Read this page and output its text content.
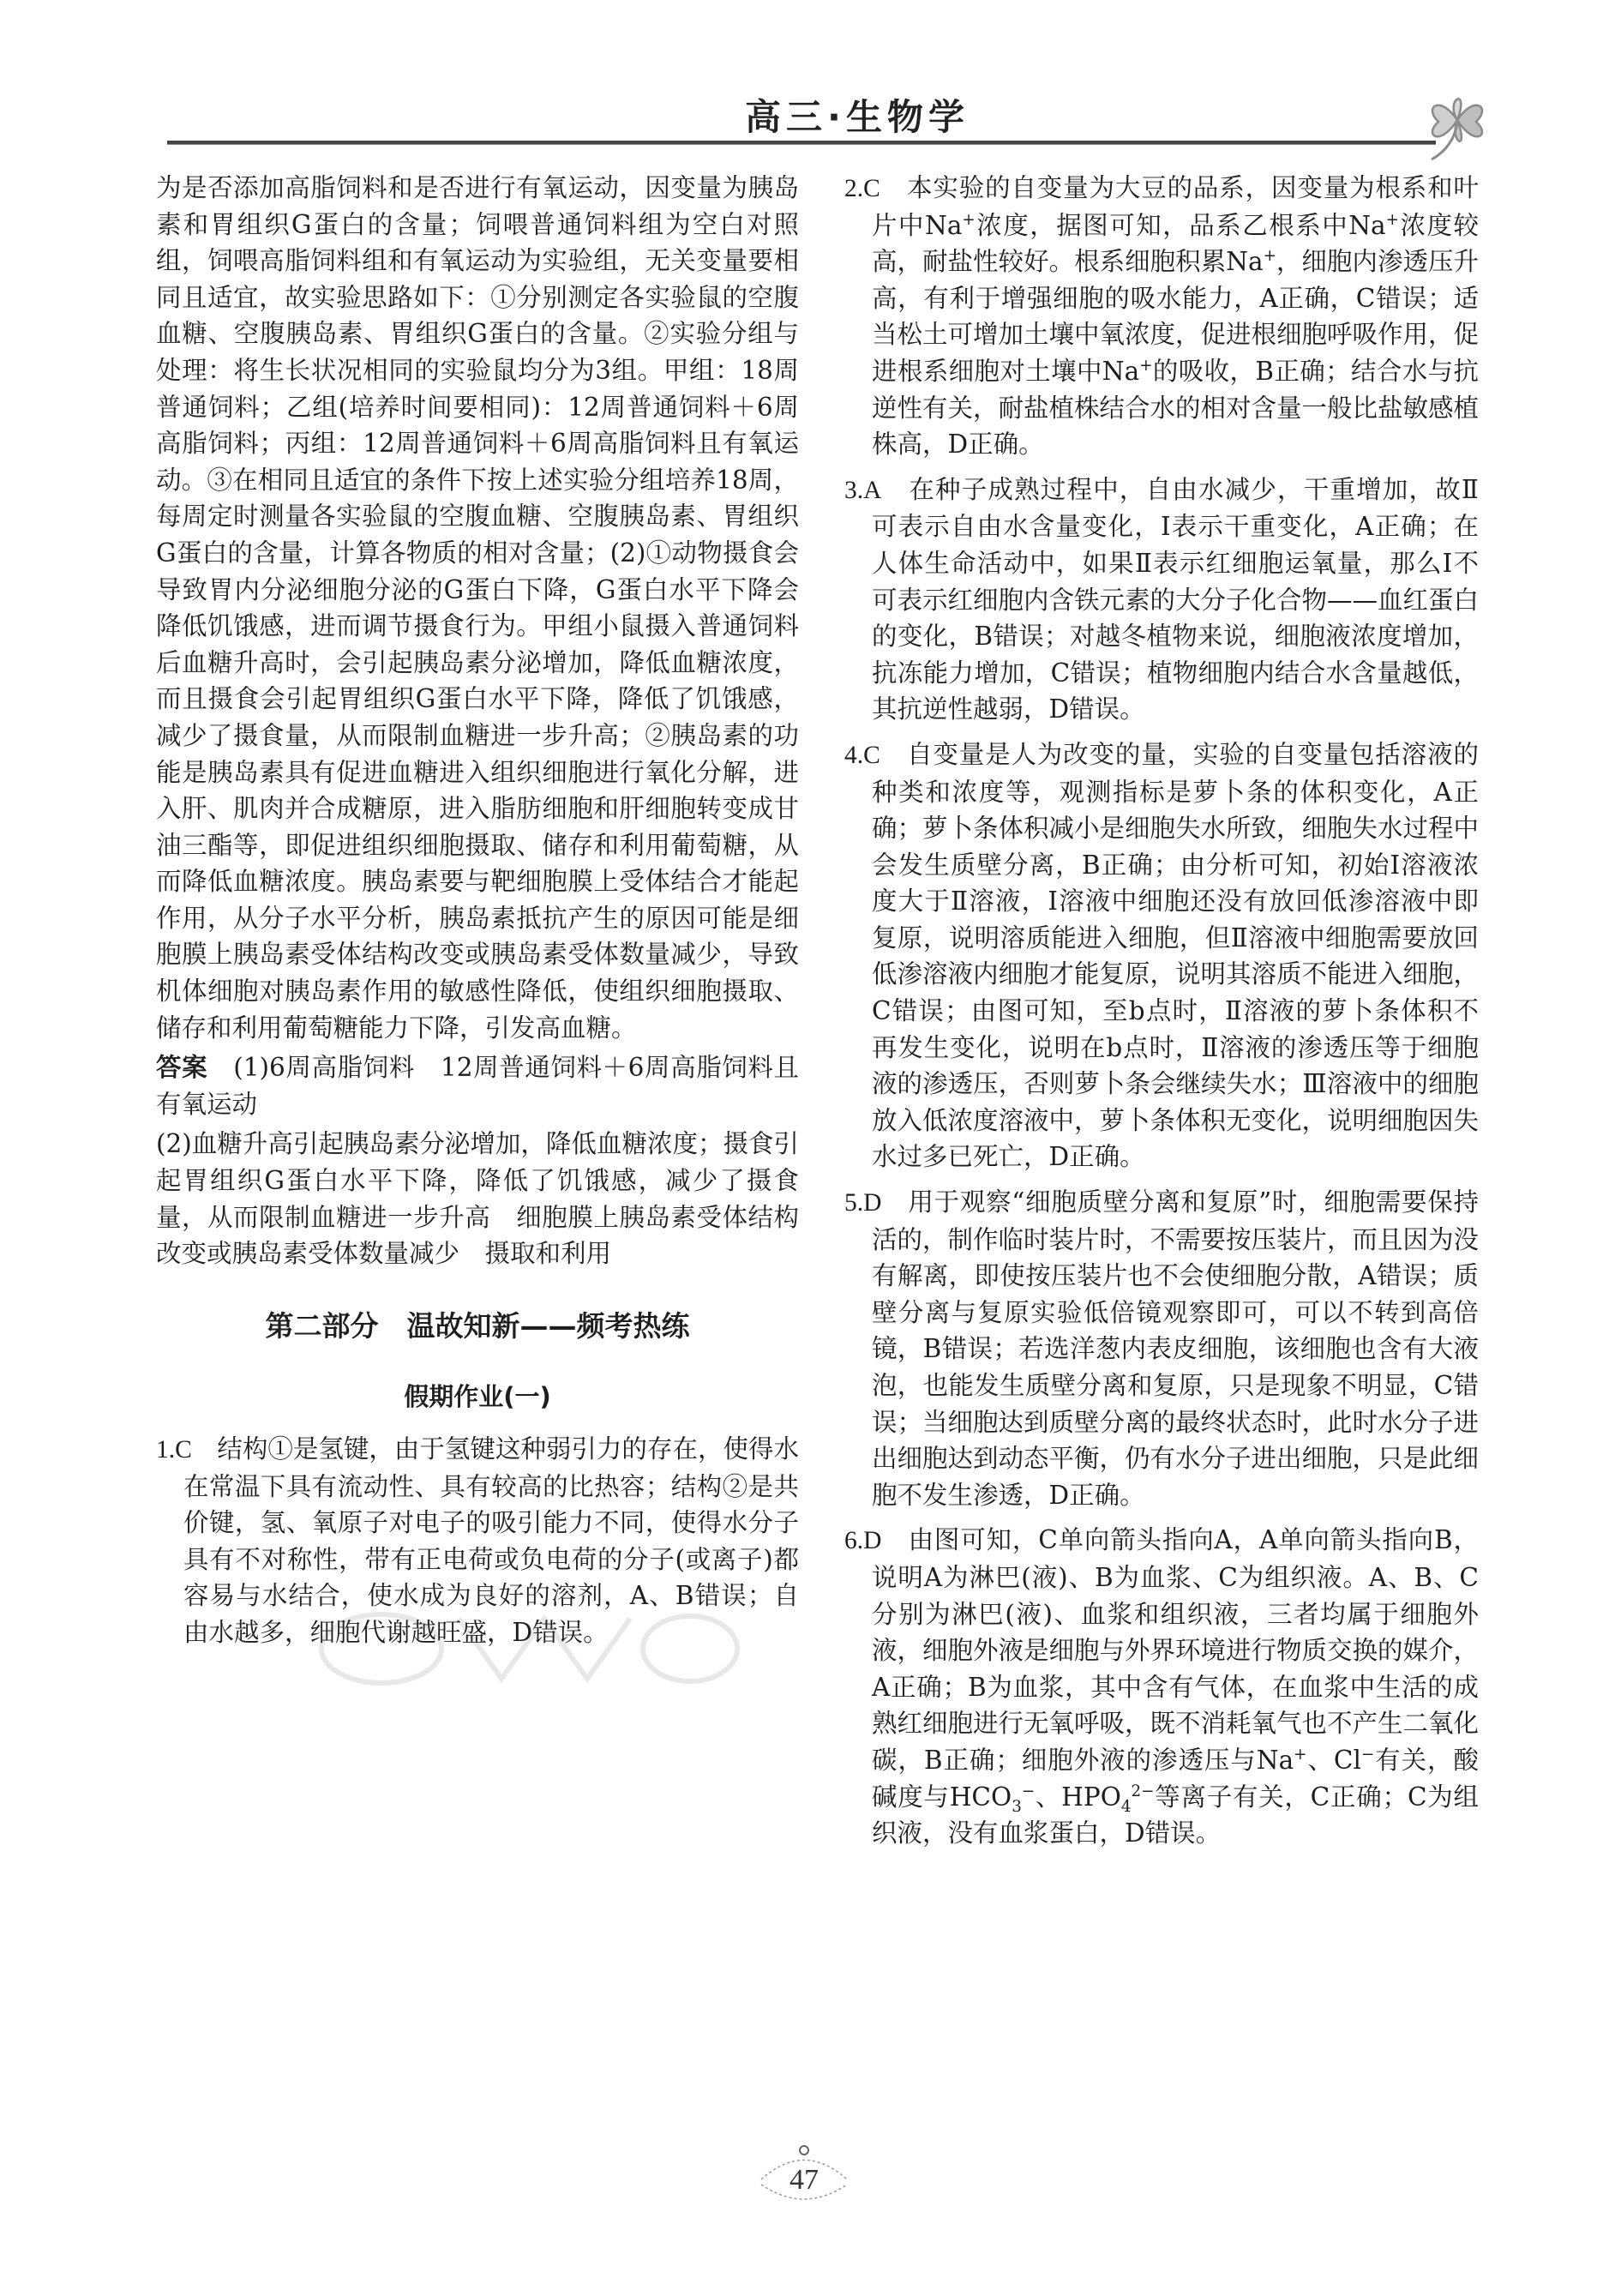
高三·生物学

为是否添加高脂饲料和是否进行有氧运动，因变量为胰岛素和胃组织G蛋白的含量；饲喂普通饲料组为空白对照组，饲喂高脂饲料组和有氧运动为实验组，无关变量要相同且适宜，故实验思路如下：①分别测定各实验鼠的空腹血糖、空腹胰岛素、胃组织G蛋白的含量。②实验分组与处理：将生长状况相同的实验鼠均分为3组。甲组：18周普通饲料；乙组(培养时间要相同)：12周普通饲料＋6周高脂饲料；丙组：12周普通饲料＋6周高脂饲料且有氧运动。③在相同且适宜的条件下按上述实验分组培养18周，每周定时测量各实验鼠的空腹血糖、空腹胰岛素、胃组织G蛋白的含量，计算各物质的相对含量；(2)①动物摄食会导致胃内分泌细胞分泌的G蛋白下降，G蛋白水平下降会降低饥饿感，进而调节摄食行为。甲组小鼠摄入普通饲料后血糖升高时，会引起胰岛素分泌增加，降低血糖浓度，而且摄食会引起胃组织G蛋白水平下降，降低了饥饿感，减少了摄食量，从而限制血糖进一步升高；②胰岛素的功能是胰岛素具有促进血糖进入组织细胞进行氧化分解，进入肝、肌肉并合成糖原，进入脂肪细胞和肝细胞转变成甘油三酯等，即促进组织细胞摄取、储存和利用葡萄糖，从而降低血糖浓度。胰岛素要与靶细胞膜上受体结合才能起作用，从分子水平分析，胰岛素抵抗产生的原因可能是细胞膜上胰岛素受体结构改变或胰岛素受体数量减少，导致机体细胞对胰岛素作用的敏感性降低，使组织细胞摄取、储存和利用葡萄糖能力下降，引发高血糖。

答案 (1)6周高脂饲料　12周普通饲料＋6周高脂饲料且有氧运动

(2)血糖升高引起胰岛素分泌增加，降低血糖浓度；摄食引起胃组织G蛋白水平下降，降低了饥饿感，减少了摄食量，从而限制血糖进一步升高　细胞膜上胰岛素受体结构改变或胰岛素受体数量减少　摄取和利用

第二部分　温故知新——频考热练
假期作业(一)

1.C　 结构①是氢键，由于氢键这种弱引力的存在，使得水在常温下具有流动性、具有较高的比热容；结构②是共价键，氢、氧原子对电子的吸引能力不同，使得水分子具有不对称性，带有正电荷或负电荷的分子(或离子)都容易与水结合，使水成为良好的溶剂，A、B错误；自由水越多，细胞代谢越旺盛，D错误。

2.C　 本实验的自变量为大豆的品系，因变量为根系和叶片中Na+浓度，据图可知，品系乙根系中Na+浓度较高，耐盐性较好。根系细胞积累Na+，细胞内渗透压升高，有利于增强细胞的吸水能力，A正确，C错误；适当松土可增加土壤中氧浓度，促进根细胞呼吸作用，促进根系细胞对土壤中Na+的吸收，B正确；结合水与抗逆性有关，耐盐植株结合水的相对含量一般比盐敏感植株高，D正确。

3.A　 在种子成熟过程中，自由水减少，干重增加，故Ⅱ可表示自由水含量变化，Ⅰ表示干重变化，A正确；在人体生命活动中，如果Ⅱ表示红细胞运氧量，那么Ⅰ不可表示红细胞内含铁元素的大分子化合物——血红蛋白的变化，B错误；对越冬植物来说，细胞液浓度增加，抗冻能力增加，C错误；植物细胞内结合水含量越低，其抗逆性越弱，D错误。

4.C　 自变量是人为改变的量，实验的自变量包括溶液的种类和浓度等，观测指标是萝卜条的体积变化，A正确；萝卜条体积减小是细胞失水所致，细胞失水过程中会发生质壁分离，B正确；由分析可知，初始Ⅰ溶液浓度大于Ⅱ溶液，Ⅰ溶液中细胞还没有放回低渗溶液中即复原，说明溶质能进入细胞，但Ⅱ溶液中细胞需要放回低渗溶液内细胞才能复原，说明其溶质不能进入细胞，C错误；由图可知，至b点时，Ⅱ溶液的萝卜条体积不再发生变化，说明在b点时，Ⅱ溶液的渗透压等于细胞液的渗透压，否则萝卜条会继续失水；Ⅲ溶液中的细胞放入低浓度溶液中，萝卜条体积无变化，说明细胞因失水过多已死亡，D正确。

5.D　 用于观察“细胞质壁分离和复原”时，细胞需要保持活的，制作临时装片时，不需要按压装片，而且因为没有解离，即使按压装片也不会使细胞分散，A错误；质壁分离与复原实验低倍镜观察即可，可以不转到高倍镜，B错误；若选洋葱内表皮细胞，该细胞也含有大液泡，也能发生质壁分离和复原，只是现象不明显，C错误；当细胞达到质壁分离的最终状态时，此时水分子进出细胞达到动态平衡，仍有水分子进出细胞，只是此细胞不发生渗透，D正确。

6.D　 由图可知，C单向箭头指向A，A单向箭头指向B，说明A为淋巴(液)、B为血浆、C为组织液。A、B、C分别为淋巴(液)、血浆和组织液，三者均属于细胞外液，细胞外液是细胞与外界环境进行物质交换的媒介，A正确；B为血浆，其中含有气体，在血浆中生活的成熟红细胞进行无氧呼吸，既不消耗氧气也不产生二氧化碳，B正确；细胞外液的渗透压与Na+、Cl−有关，酸碱度与$HCO_3^-$、$HPO_4^{2-}$等离子有关，C正确；C为组织液，没有血浆蛋白，D错误。

47
